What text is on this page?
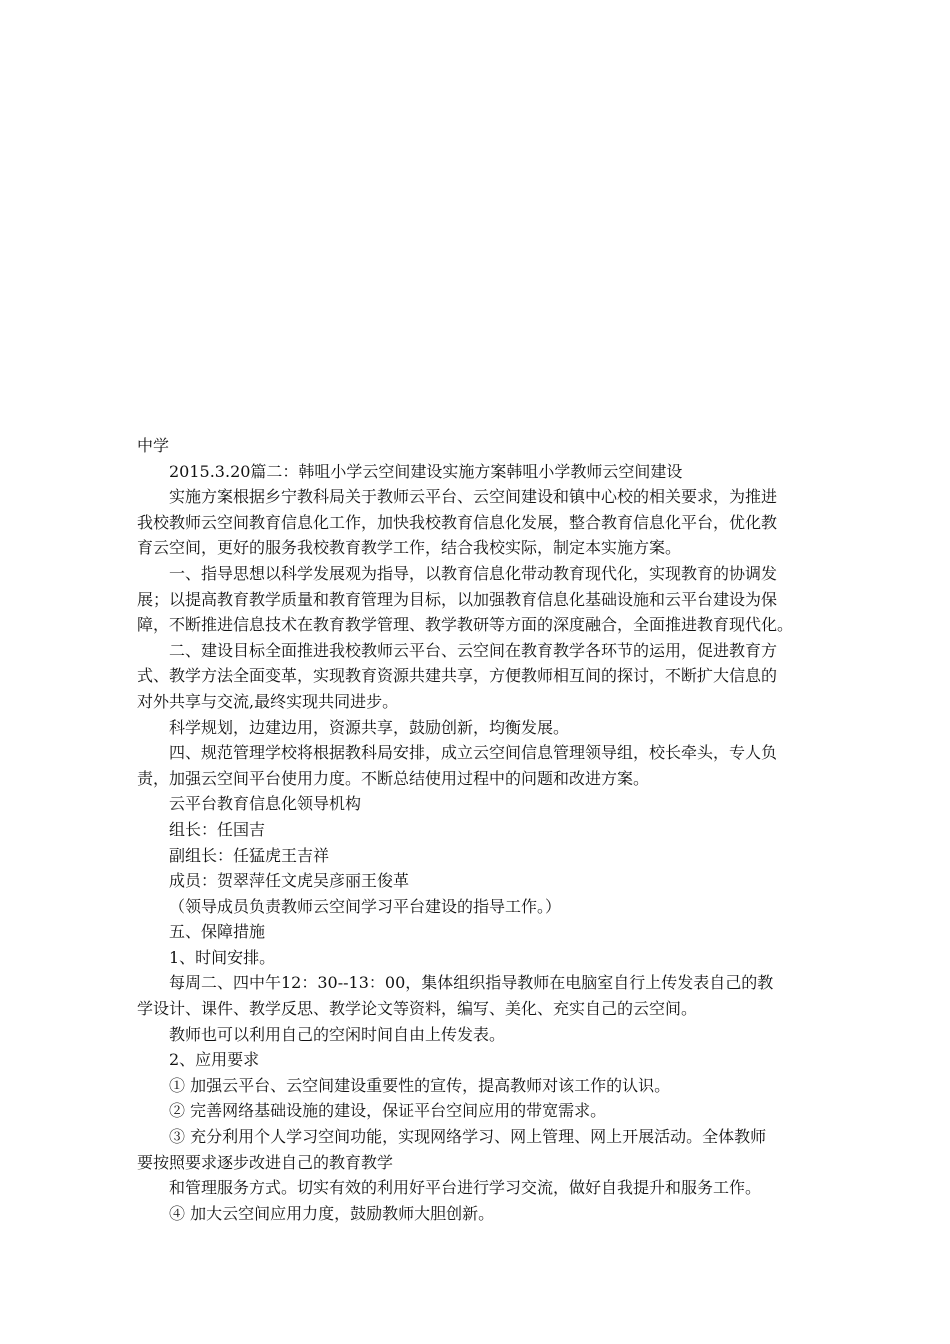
中学

2015.3.20篇二：韩咀小学云空间建设实施方案韩咀小学教师云空间建设

实施方案根据乡宁教科局关于教师云平台、云空间建设和镇中心校的相关要求，为推进

我校教师云空间教育信息化工作，加快我校教育信息化发展，整合教育信息化平台，优化教

育云空间，更好的服务我校教育教学工作，结合我校实际，制定本实施方案。

一、指导思想以科学发展观为指导，以教育信息化带动教育现代化，实现教育的协调发

展；以提高教育教学质量和教育管理为目标，以加强教育信息化基础设施和云平台建设为保

障，不断推进信息技术在教育教学管理、教学教研等方面的深度融合，全面推进教育现代化。

二、建设目标全面推进我校教师云平台、云空间在教育教学各环节的运用，促进教育方

式、教学方法全面变革，实现教育资源共建共享，方便教师相互间的探讨，不断扩大信息的

对外共享与交流,最终实现共同进步。

科学规划，边建边用，资源共享，鼓励创新，均衡发展。

四、规范管理学校将根据教科局安排，成立云空间信息管理领导组，校长牵头，专人负

责，加强云空间平台使用力度。不断总结使用过程中的问题和改进方案。

云平台教育信息化领导机构

组长：任国吉

副组长：任猛虎王吉祥

成员：贺翠萍任文虎吴彦丽王俊革

（领导成员负责教师云空间学习平台建设的指导工作。）

五、保障措施

1、时间安排。

每周二、四中午12：30--13：00，集体组织指导教师在电脑室自行上传发表自己的教

学设计、课件、教学反思、教学论文等资料，编写、美化、充实自己的云空间。

教师也可以利用自己的空闲时间自由上传发表。

2、应用要求

① 加强云平台、云空间建设重要性的宣传，提高教师对该工作的认识。

② 完善网络基础设施的建设，保证平台空间应用的带宽需求。

③ 充分利用个人学习空间功能，实现网络学习、网上管理、网上开展活动。全体教师

要按照要求逐步改进自己的教育教学

和管理服务方式。切实有效的利用好平台进行学习交流，做好自我提升和服务工作。

④ 加大云空间应用力度，鼓励教师大胆创新。
